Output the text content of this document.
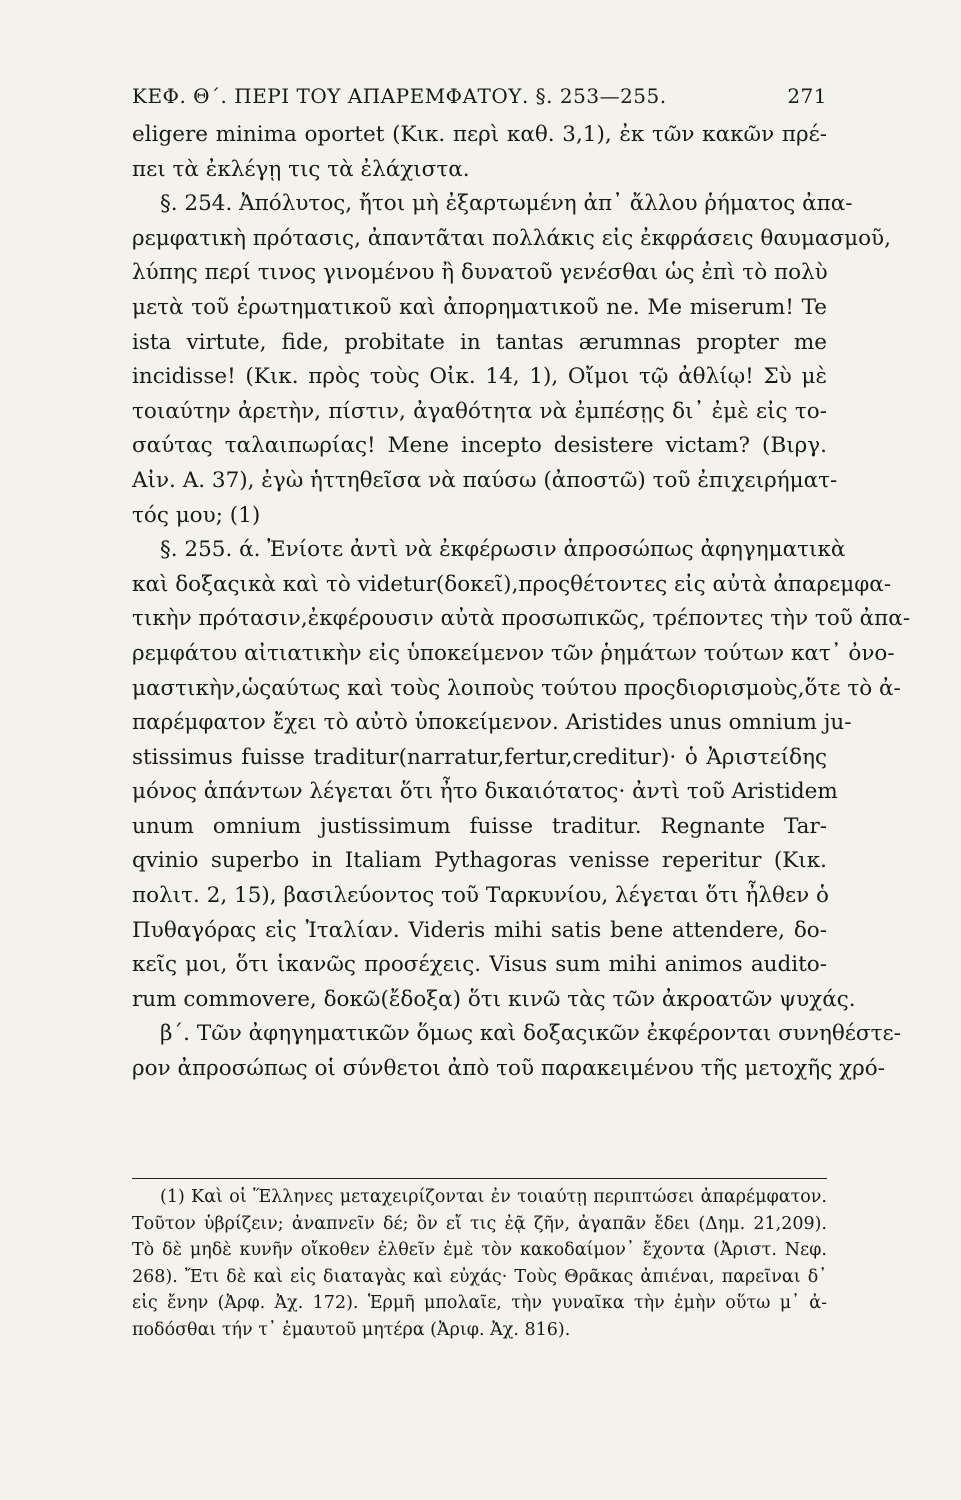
ΚΕΦ. Θ΄. ΠΕΡΙ ΤΟΥ ΑΠΑΡΕΜΦΑΤΟΥ. §. 253—255.	271
eligere minima oportet (Κικ. περὶ καθ. 3,1), ἐκ τῶν κακῶν πρέ-
πει τὰ ἐκλέγῃ τις τὰ ἐλάχιστα.
§. 254. Ἀπόλυτος, ἤτοι μὴ ἐξαρτωμένη ἀπ᾽ ἄλλου ῥήματος ἀπα-
ρεμφατικὴ πρότασις, ἀπαντᾶται πολλάκις εἰς ἐκφράσεις θαυμασμοῦ,
λύπης περί τινος γινομένου ἢ δυνατοῦ γενέσθαι ὡς ἐπὶ τὸ πολὺ
μετὰ τοῦ ἐρωτηματικοῦ καὶ ἀπορηματικοῦ ne. Me miserum! Te
ista virtute, fide, probitate in tantas ærumnas propter me
incidisse! (Κικ. πρὸς τοὺς Οἰκ. 14, 1), Οἴμοι τῷ ἀθλίῳ! Σὺ μὲ
τοιαύτην ἀρετὴν, πίστιν, ἀγαθότητα νὰ ἐμπέσῃς δι᾽ ἐμὲ εἰς το-
σαύτας ταλαιπωρίας! Mene incepto desistere victam? (Βιργ.
Αἰν. Α. 37), ἐγὼ ἡττηθεῖσα νὰ παύσω (ἀποστῶ) τοῦ ἐπιχειρήματ-
τός μου; (1)
§. 255. ά. Ἐνίοτε ἀντὶ νὰ ἐκφέρωσιν ἀπροσώπως ἀφηγηματικὰ
καὶ δοξαςικὰ καὶ τὸ videtur(δοκεῖ),προςθέτοντες εἰς αὐτὰ ἀπαρεμφα-
τικὴν πρότασιν,ἐκφέρουσιν αὐτὰ προσωπικῶς, τρέποντες τὴν τοῦ ἀπα-
ρεμφάτου αἰτιατικὴν εἰς ὑποκείμενον τῶν ῥημάτων τούτων κατ᾽ ὀνο-
μαστικὴν,ὡςαύτως καὶ τοὺς λοιποὺς τούτου προςδιορισμοὺς,ὅτε τὸ ἀ-
παρέμφατον ἔχει τὸ αὐτὸ ὑποκείμενον. Aristides unus omnium ju-
stissimus fuisse traditur(narratur,fertur,creditur)· ὁ Ἀριστείδης
μόνος ἁπάντων λέγεται ὅτι ἦτο δικαιότατος· ἀντὶ τοῦ Aristidem
unum omnium justissimum fuisse traditur. Regnante Tar-
qvinio superbo in Italiam Pythagoras venisse reperitur (Κικ.
πολιτ. 2, 15), βασιλεύοντος τοῦ Ταρκυνίου, λέγεται ὅτι ἦλθεν ὁ
Πυθαγόρας εἰς Ἰταλίαν. Videris mihi satis bene attendere, δο-
κεῖς μοι, ὅτι ἱκανῶς προσέχεις. Visus sum mihi animos audito-
rum commovere, δοκῶ(ἔδοξα) ὅτι κινῶ τὰς τῶν ἀκροατῶν ψυχάς.
β΄. Τῶν ἀφηγηματικῶν ὅμως καὶ δοξαςικῶν ἐκφέρονται συνηθέστε-
ρον ἀπροσώπως οἱ σύνθετοι ἀπὸ τοῦ παρακειμένου τῆς μετοχῆς χρό-
(1) Καὶ οἱ Ἕλληνες μεταχειρίζονται ἐν τοιαύτῃ περιπτώσει ἀπαρέμφατον.
Τοῦτον ὑβρίζειν; ἀναπνεῖν δέ; ὃν εἴ τις ἐᾷ ζῆν, ἀγαπᾶν ἔδει (Δημ. 21,209).
Τὸ δὲ μηδὲ κυνῆν οἴκοθεν ἐλθεῖν ἐμὲ τὸν κακοδαίμον᾽ ἔχοντα (Ἀριστ. Νεφ.
268). Ἔτι δὲ καὶ εἰς διαταγὰς καὶ εὐχάς· Τοὺς Θρᾶκας ἀπιέναι, παρεῖναι δ᾽
εἰς ἔνην (Ἀρφ. Ἀχ. 172). Ἑρμῆ μπολαῖε, τὴν γυναῖκα τὴν ἐμὴν οὕτω μ᾽ ἀ-
ποδόσθαι τήν τ᾽ ἐμαυτοῦ μητέρα (Ἀριφ. Ἀχ. 816).
